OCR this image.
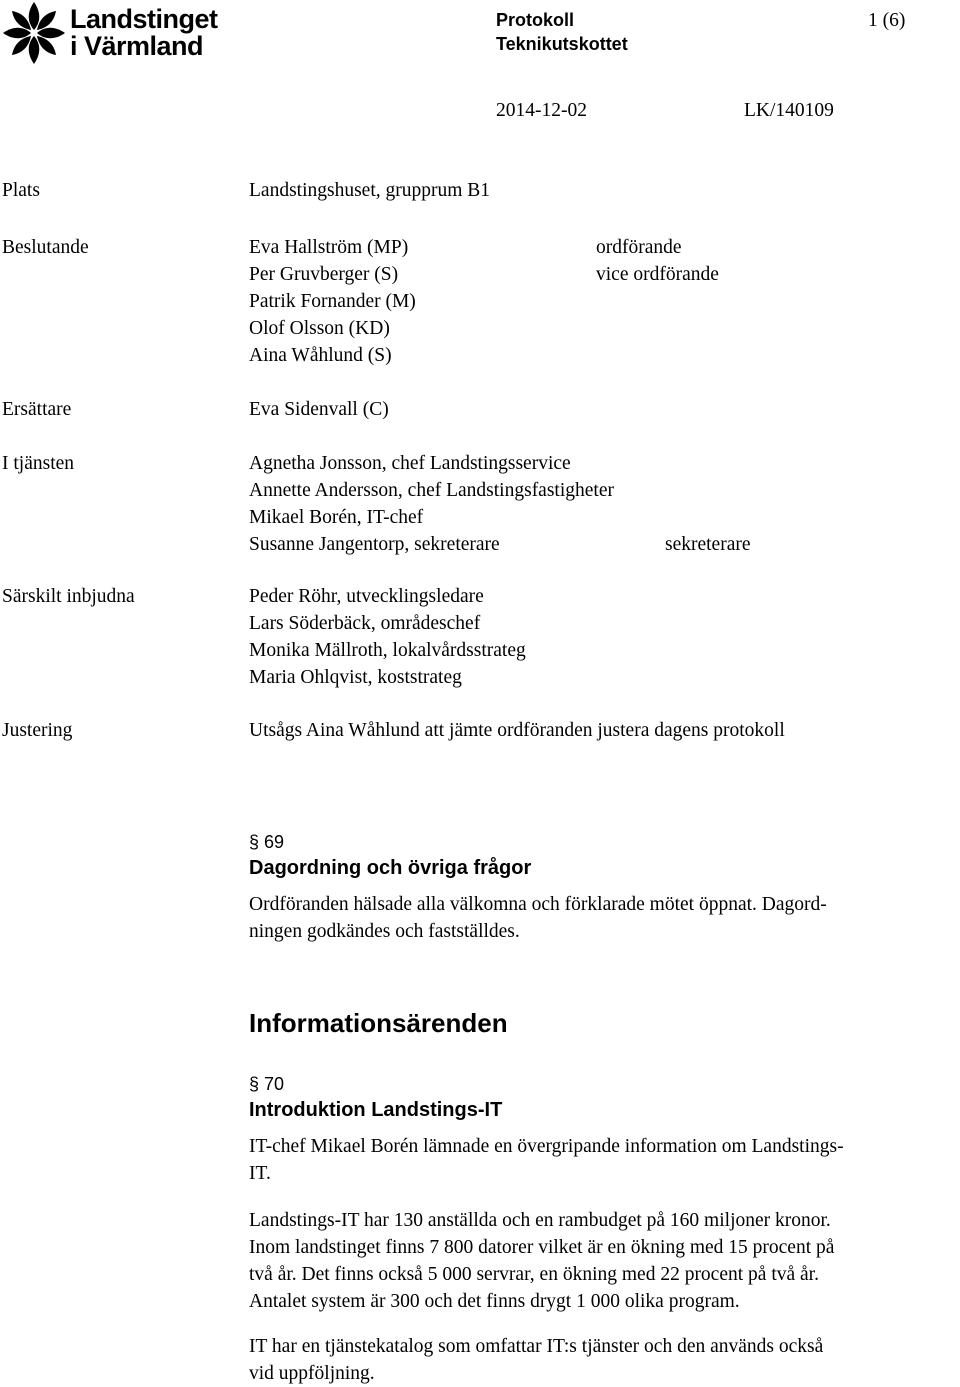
Landstinget
i Värmland
Protokoll
Teknikutskottet
1 (6)
2014-12-02	LK/140109
Plats	Landstingshuset, grupprum B1
Beslutande	Eva Hallström (MP)	ordförande
Per Gruvberger (S)	vice ordförande
Patrik Fornander (M)
Olof Olsson (KD)
Aina Wåhlund (S)
Ersättare	Eva Sidenvall (C)
I tjänsten	Agnetha Jonsson, chef Landstingsservice
Annette Andersson, chef Landstingsfastigheter
Mikael Borén, IT-chef
Susanne Jangentorp, sekreterare	sekreterare
Särskilt inbjudna	Peder Röhr, utvecklingsledare
Lars Söderbäck, områdeschef
Monika Mällroth, lokalvårdsstrateg
Maria Ohlqvist, koststrateg
Justering	Utsågs Aina Wåhlund att jämte ordföranden justera dagens protokoll
§ 69
Dagordning och övriga frågor
Ordföranden hälsade alla välkomna och förklarade mötet öppnat. Dagord-
ningen godkändes och fastställdes.
Informationsärenden
§ 70
Introduktion Landstings-IT
IT-chef Mikael Borén lämnade en övergripande information om Landstings-
IT.
Landstings-IT har 130 anställda och en rambudget på 160 miljoner kronor.
Inom landstinget finns 7 800 datorer vilket är en ökning med 15 procent på
två år. Det finns också 5 000 servrar, en ökning med 22 procent på två år.
Antalet system är 300 och det finns drygt 1 000 olika program.
IT har en tjänstekatalog som omfattar IT:s tjänster och den används också
vid uppföljning.
